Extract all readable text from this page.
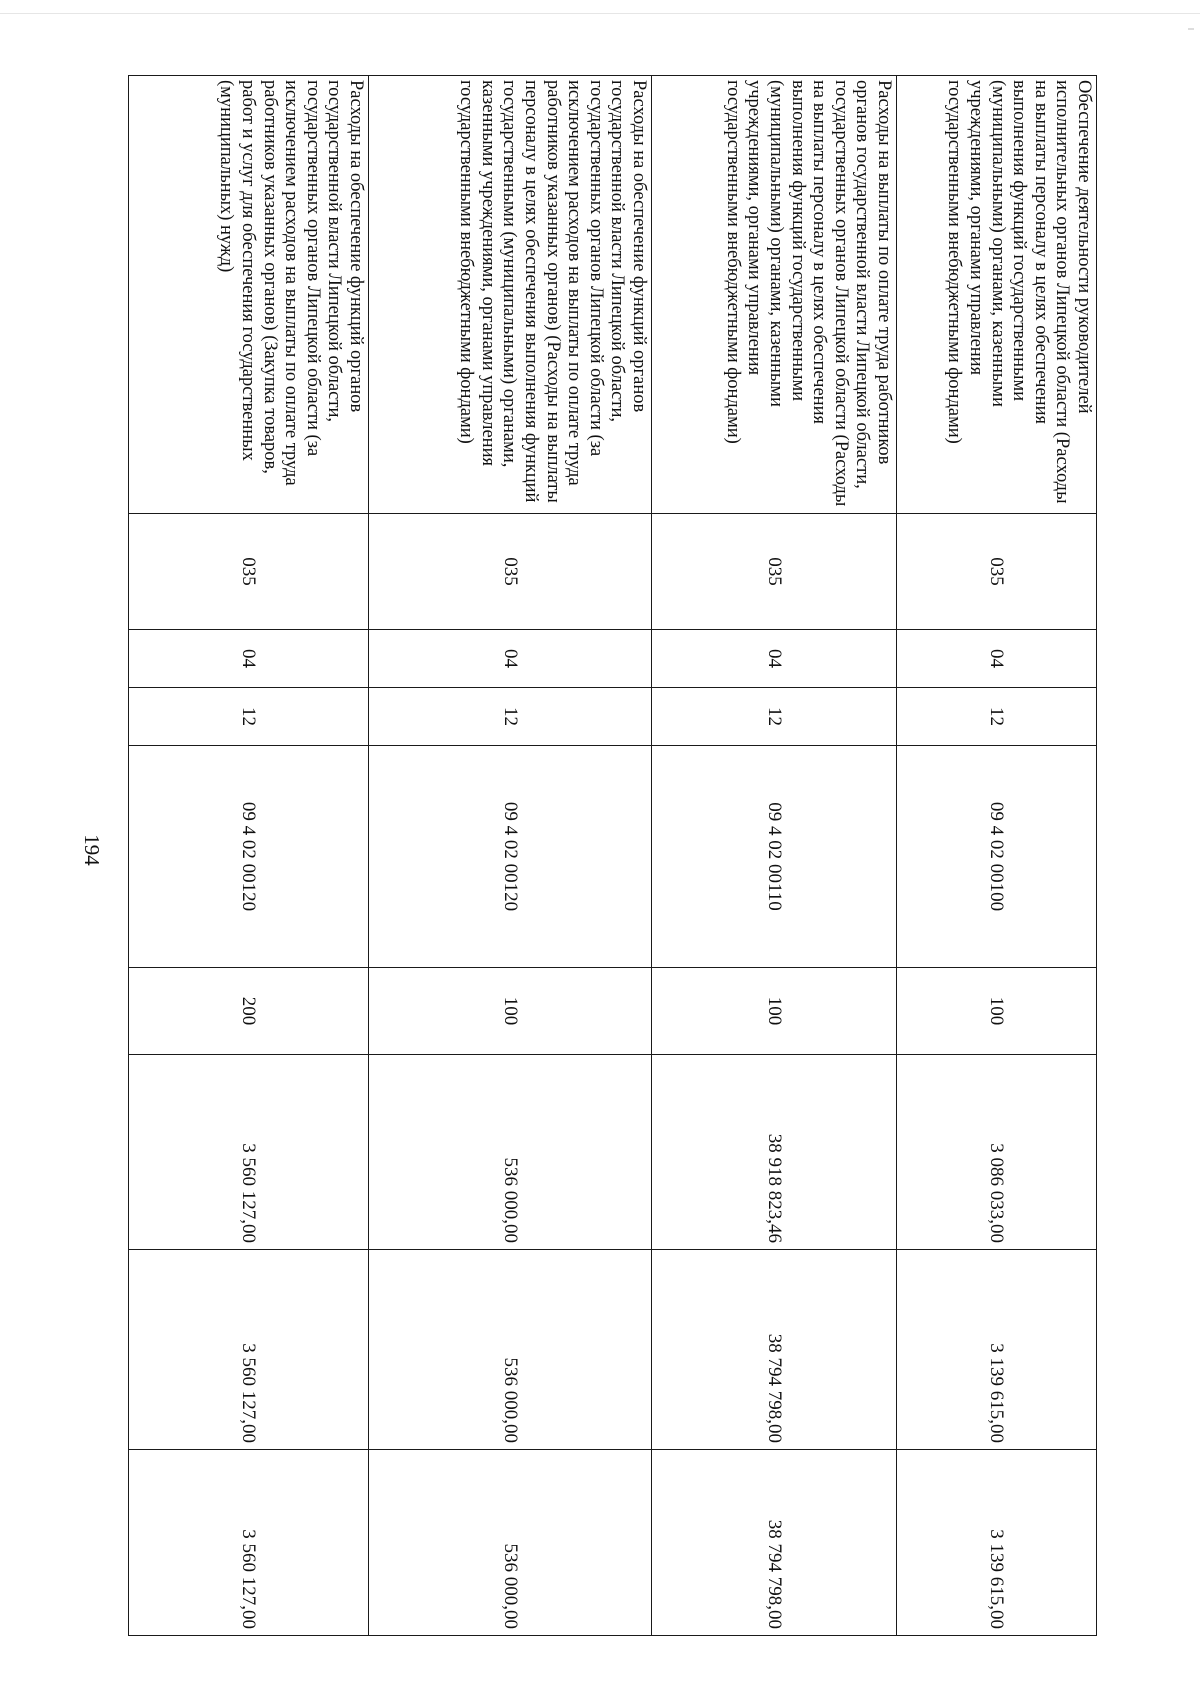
194
Обеспечение деятельности руководителей исполнительных органов Липецкой области (Расходы на выплаты персоналу в целях обеспечения выполнения функций государственными (муниципальными) органами, казенными учреждениями, органами управления государственными внебюджетными фондами)	035	04	12	09 4 02 00100	100	3 086 033,00	3 139 615,00	3 139 615,00
Расходы на выплаты по оплате труда работников органов государственной власти Липецкой области, государственных органов Липецкой области (Расходы на выплаты персоналу в целях обеспечения выполнения функций государственными (муниципальными) органами, казенными учреждениями, органами управления государственными внебюджетными фондами)	035	04	12	09 4 02 00110	100	38 918 823,46	38 794 798,00	38 794 798,00
Расходы на обеспечение функций органов государственной власти Липецкой области, государственных органов Липецкой области (за исключением расходов на выплаты по оплате труда работников указанных органов) (Расходы на выплаты персоналу в целях обеспечения выполнения функций государственными (муниципальными) органами, казенными учреждениями, органами управления государственными внебюджетными фондами)	035	04	12	09 4 02 00120	100	536 000,00	536 000,00	536 000,00
Расходы на обеспечение функций органов государственной власти Липецкой области, государственных органов Липецкой области (за исключением расходов на выплаты по оплате труда работников указанных органов) (Закупка товаров, работ и услуг для обеспечения государственных (муниципальных) нужд)	035	04	12	09 4 02 00120	200	3 560 127,00	3 560 127,00	3 560 127,00
